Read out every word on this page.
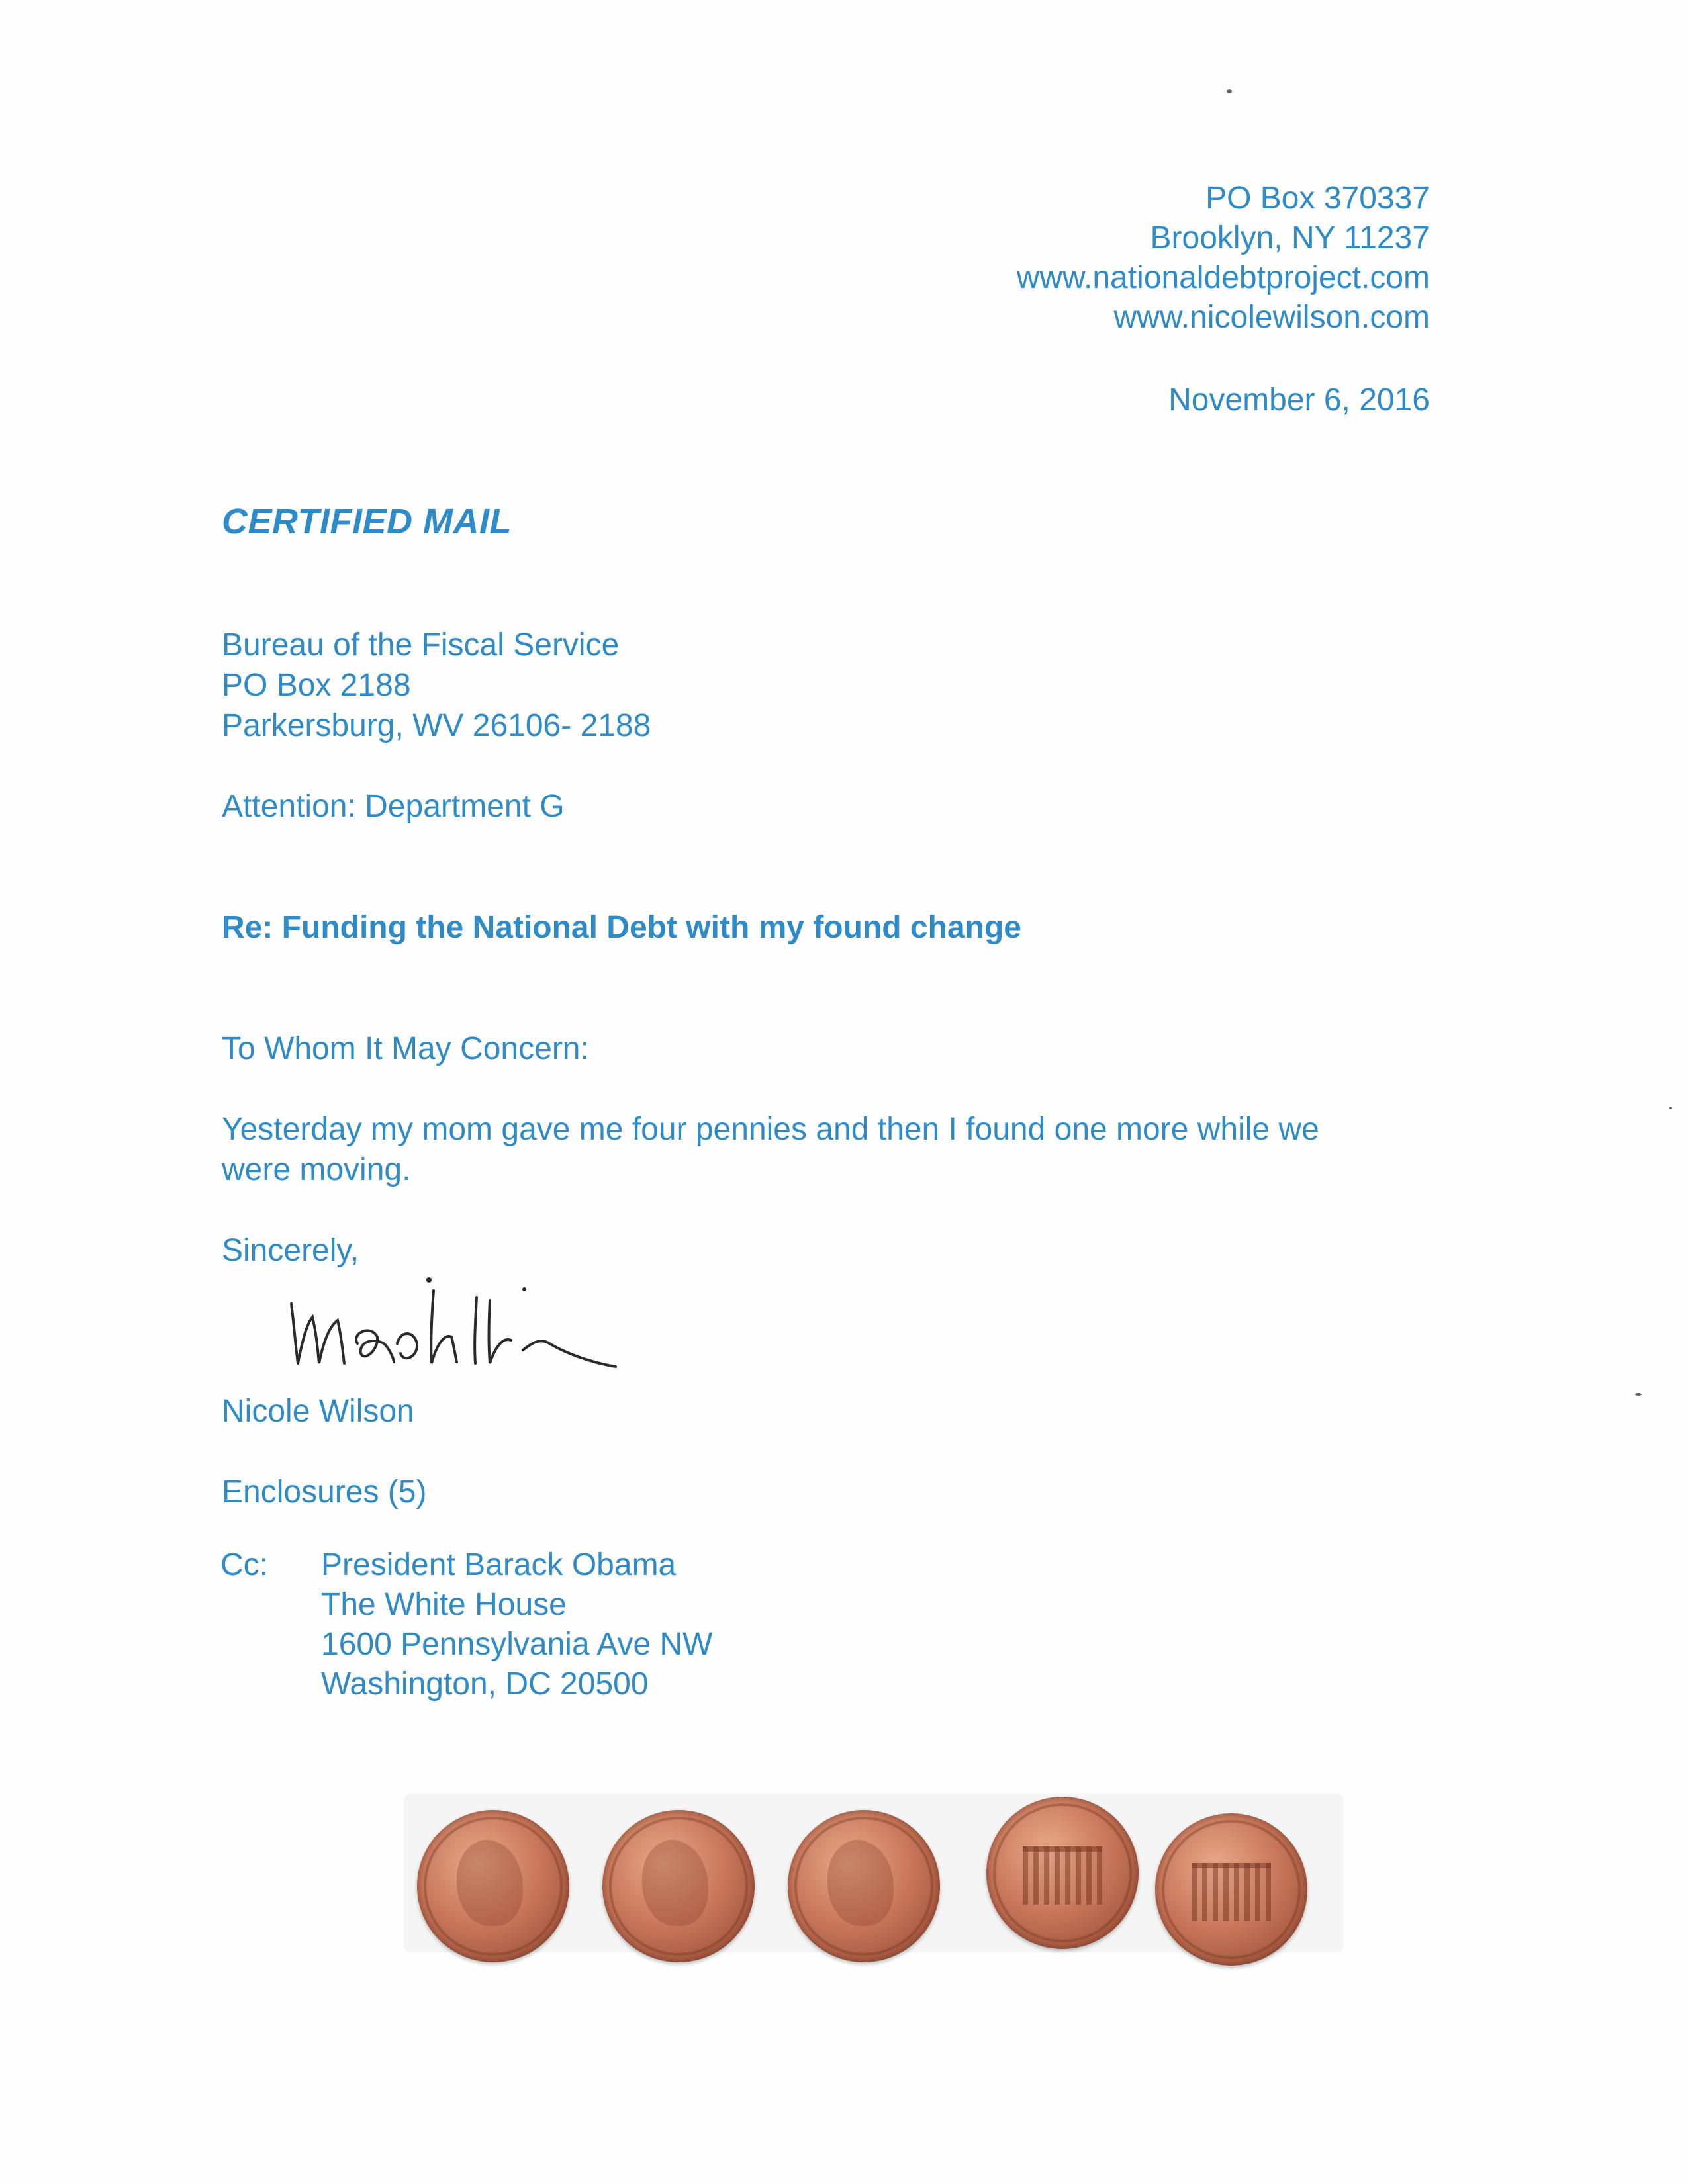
PO Box 370337
Brooklyn, NY 11237
www.nationaldebtproject.com
www.nicolewilson.com
November 6, 2016
CERTIFIED MAIL
Bureau of the Fiscal Service
PO Box 2188
Parkersburg, WV 26106- 2188
Attention: Department G
Re: Funding the National Debt with my found change
To Whom It May Concern:
Yesterday my mom gave me four pennies and then I found one more while we
were moving.
Sincerely,
Nicole Wilson
Enclosures (5)
Cc: President Barack Obama
The White House
1600 Pennsylvania Ave NW
Washington, DC 20500
